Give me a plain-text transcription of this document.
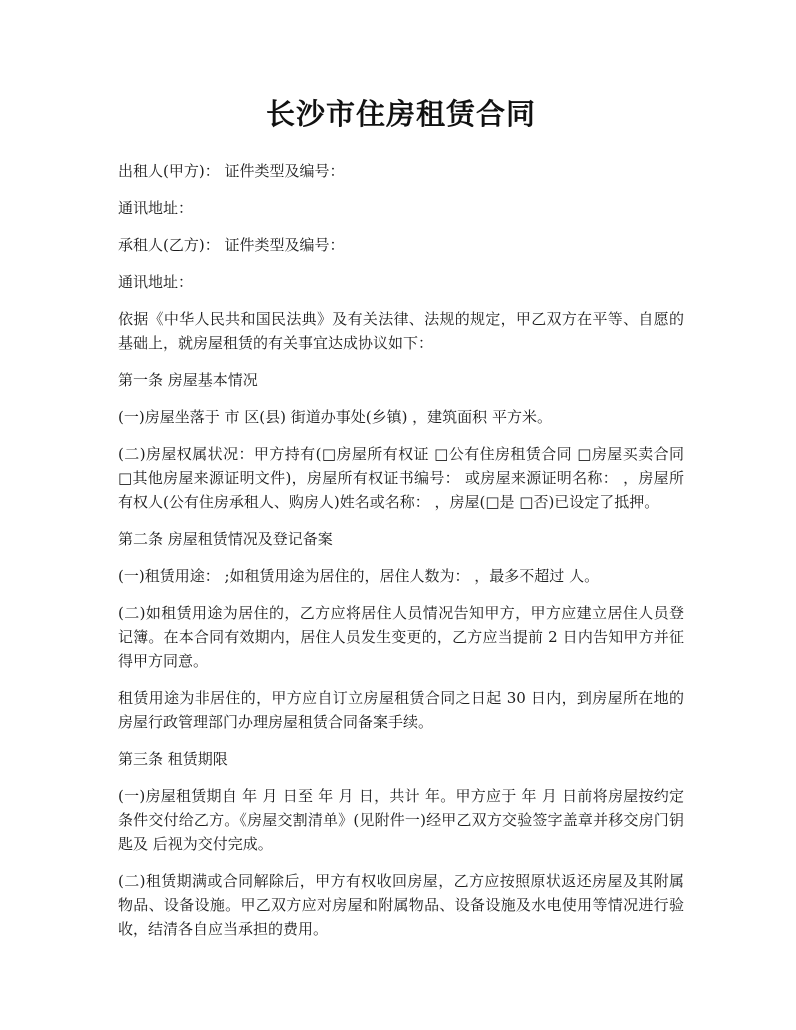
长沙市住房租赁合同

出租人(甲方)： 证件类型及编号：

通讯地址：

承租人(乙方)： 证件类型及编号：

通讯地址：

依据《中华人民共和国民法典》及有关法律、法规的规定，甲乙双方在平等、自愿的基础上，就房屋租赁的有关事宜达成协议如下：

第一条 房屋基本情况

(一)房屋坐落于 市 区(县) 街道办事处(乡镇) ，建筑面积 平方米。

(二)房屋权属状况：甲方持有(□房屋所有权证 □公有住房租赁合同 □房屋买卖合同 □其他房屋来源证明文件)，房屋所有权证书编号： 或房屋来源证明名称： ，房屋所有权人(公有住房承租人、购房人)姓名或名称： ，房屋(□是 □否)已设定了抵押。

第二条 房屋租赁情况及登记备案

(一)租赁用途： ;如租赁用途为居住的，居住人数为： ，最多不超过 人。

(二)如租赁用途为居住的，乙方应将居住人员情况告知甲方，甲方应建立居住人员登记簿。在本合同有效期内，居住人员发生变更的，乙方应当提前 2 日内告知甲方并征得甲方同意。

租赁用途为非居住的，甲方应自订立房屋租赁合同之日起 30 日内，到房屋所在地的房屋行政管理部门办理房屋租赁合同备案手续。

第三条 租赁期限

(一)房屋租赁期自 年 月 日至 年 月 日，共计 年。甲方应于 年 月 日前将房屋按约定条件交付给乙方。《房屋交割清单》(见附件一)经甲乙双方交验签字盖章并移交房门钥匙及 后视为交付完成。

(二)租赁期满或合同解除后，甲方有权收回房屋，乙方应按照原状返还房屋及其附属物品、设备设施。甲乙双方应对房屋和附属物品、设备设施及水电使用等情况进行验收，结清各自应当承担的费用。
